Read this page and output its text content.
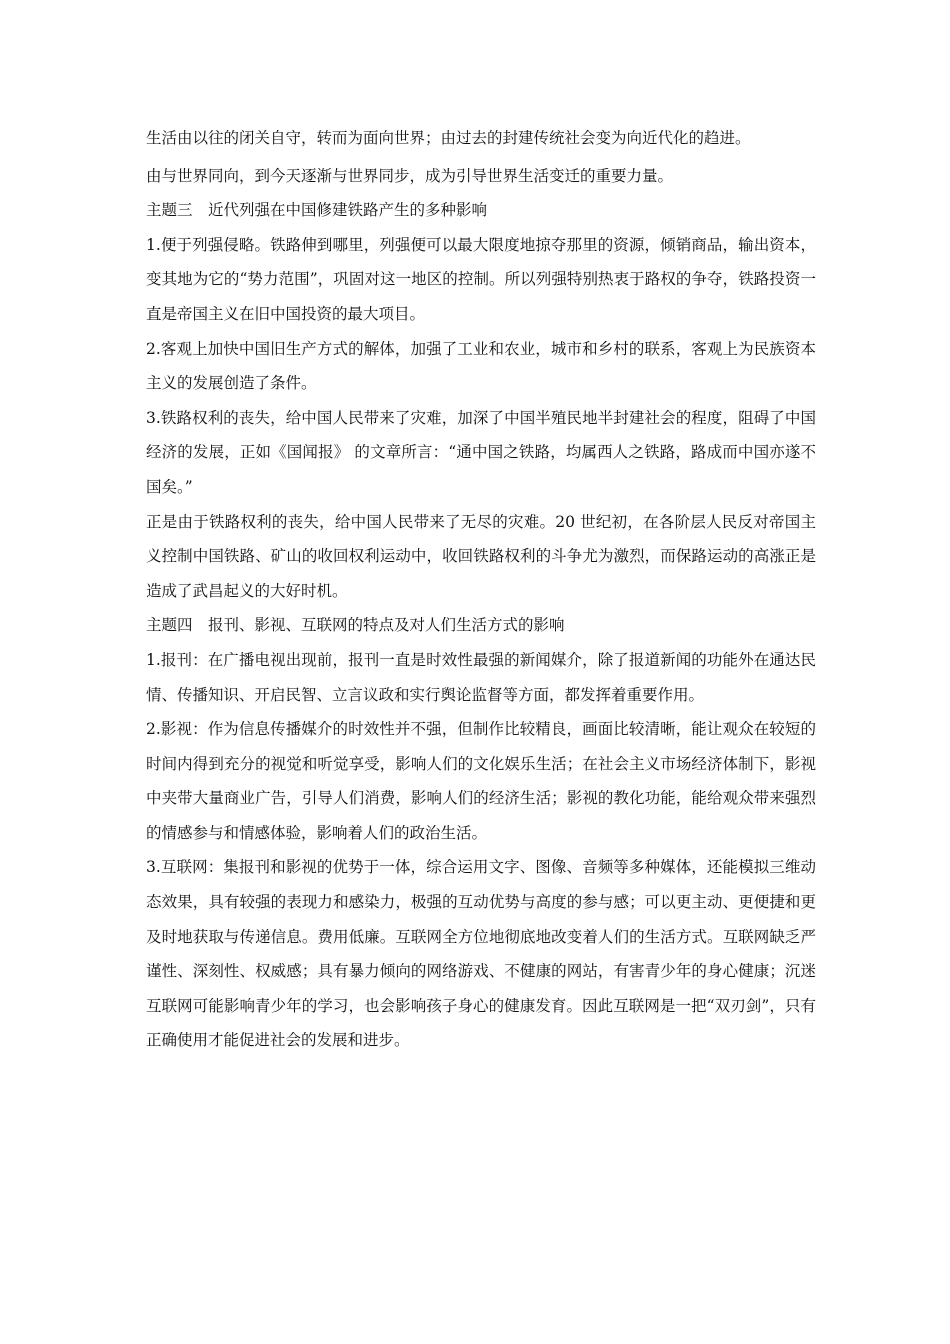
生活由以往的闭关自守，转而为面向世界；由过去的封建传统社会变为向近代化的趋进。

由与世界同向，到今天逐渐与世界同步，成为引导世界生活变迁的重要力量。

主题三　近代列强在中国修建铁路产生的多种影响

1.便于列强侵略。铁路伸到哪里，列强便可以最大限度地掠夺那里的资源，倾销商品，输出资本，变其地为它的“势力范围”，巩固对这一地区的控制。所以列强特别热衷于路权的争夺，铁路投资一直是帝国主义在旧中国投资的最大项目。

2.客观上加快中国旧生产方式的解体，加强了工业和农业，城市和乡村的联系，客观上为民族资本主义的发展创造了条件。

3.铁路权利的丧失，给中国人民带来了灾难，加深了中国半殖民地半封建社会的程度，阻碍了中国经济的发展，正如《国闻报》 的文章所言：“通中国之铁路，均属西人之铁路，路成而中国亦遂不国矣。”

正是由于铁路权利的丧失，给中国人民带来了无尽的灾难。20 世纪初，在各阶层人民反对帝国主义控制中国铁路、矿山的收回权利运动中，收回铁路权利的斗争尤为激烈，而保路运动的高涨正是造成了武昌起义的大好时机。

主题四　报刊、影视、互联网的特点及对人们生活方式的影响

1.报刊：在广播电视出现前，报刊一直是时效性最强的新闻媒介，除了报道新闻的功能外在通达民情、传播知识、开启民智、立言议政和实行舆论监督等方面，都发挥着重要作用。

2.影视：作为信息传播媒介的时效性并不强，但制作比较精良，画面比较清晰，能让观众在较短的时间内得到充分的视觉和听觉享受，影响人们的文化娱乐生活；在社会主义市场经济体制下，影视中夹带大量商业广告，引导人们消费，影响人们的经济生活；影视的教化功能，能给观众带来强烈的情感参与和情感体验，影响着人们的政治生活。

3.互联网：集报刊和影视的优势于一体，综合运用文字、图像、音频等多种媒体，还能模拟三维动态效果，具有较强的表现力和感染力，极强的互动优势与高度的参与感；可以更主动、更便捷和更及时地获取与传递信息。费用低廉。互联网全方位地彻底地改变着人们的生活方式。互联网缺乏严谨性、深刻性、权威感；具有暴力倾向的网络游戏、不健康的网站，有害青少年的身心健康；沉迷互联网可能影响青少年的学习，也会影响孩子身心的健康发育。因此互联网是一把“双刃剑”，只有正确使用才能促进社会的发展和进步。
